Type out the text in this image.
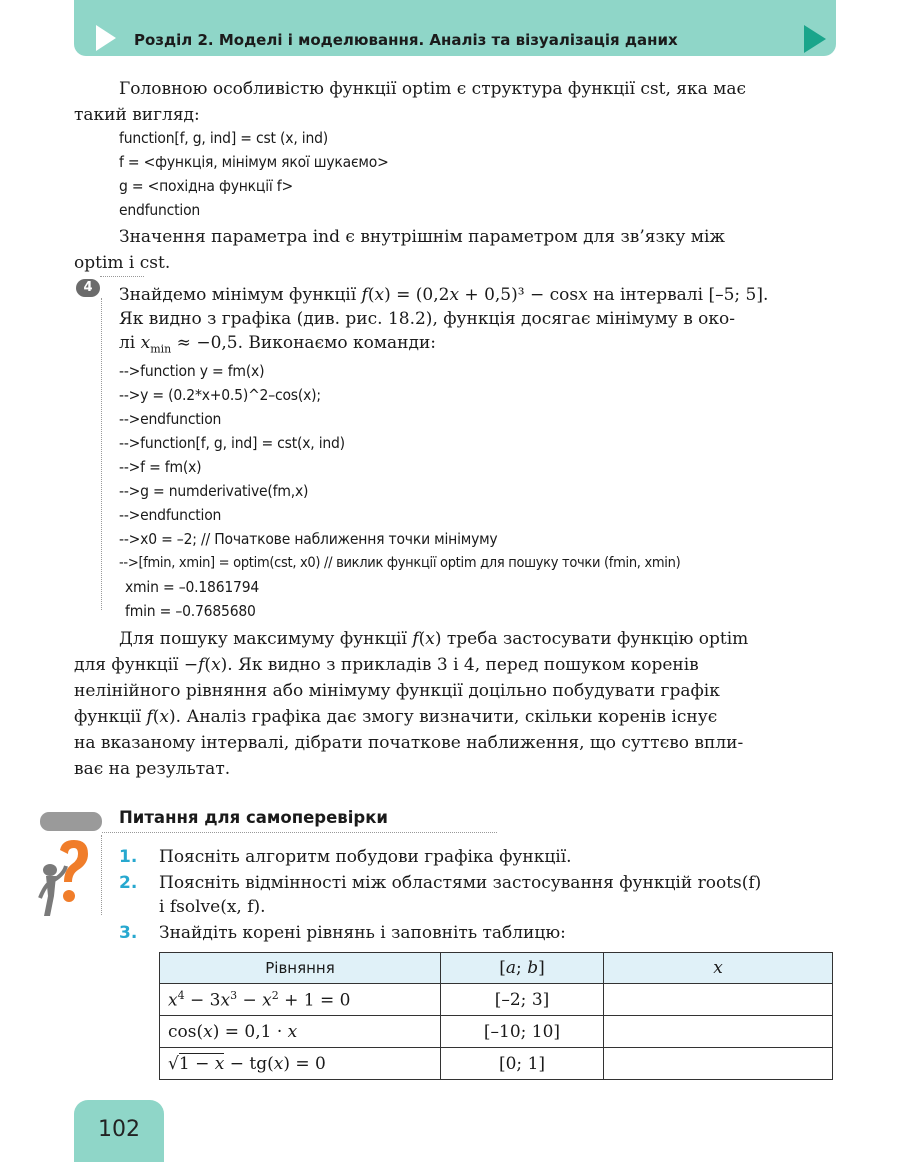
Розділ 2. Моделі і моделювання. Аналіз та візуалізація даних
Головною особливістю функції optim є структура функції cst, яка має
такий вигляд:
function[f, g, ind] = cst (x, ind)
f = <функція, мінімум якої шукаємо>
g = <похідна функції f>
endfunction
Значення параметра ind є внутрішнім параметром для зв’язку між
optim і cst.
4	Знайдемо мінімум функції f(x) = (0,2x + 0,5)³ − cosx на інтервалі [–5; 5].
Як видно з графіка (див. рис. 18.2), функція досягає мінімуму в око-
лі $x_{min} \approx -0,5$. Виконаємо команди:
-->function y = fm(x)
-->y = (0.2*x+0.5)^2–cos(x);
-->endfunction
-->function[f, g, ind] = cst(x, ind)
-->f = fm(x)
-->g = numderivative(fm,x)
-->endfunction
-->x0 = –2; // Початкове наближення точки мінімуму
-->[fmin, xmin] = optim(cst, x0) // виклик функції optim для пошуку точки (fmin, xmin)
xmin = –0.1861794
fmin = –0.7685680
Для пошуку максимуму функції f(x) треба застосувати функцію optim
для функції −f(x). Як видно з прикладів 3 і 4, перед пошуком коренів
нелінійного рівняння або мінімуму функції доцільно побудувати графік
функції f(x). Аналіз графіка дає змогу визначити, скільки коренів існує
на вказаному інтервалі, дібрати початкове наближення, що суттєво впли-
ває на результат.
Питання для самоперевірки
1. Поясніть алгоритм побудови графіка функції.
2. Поясніть відмінності між областями застосування функцій roots(f)
і fsolve(x, f).
3. Знайдіть корені рівнянь і заповніть таблицю:
Рівняння	[a; b]	x
$x^4 - 3x^3 - x^2 + 1 = 0$	[–2; 3]	
cos(x) = 0,1 · x	[–10; 10]	
√1 − x − tg(x) = 0	[0; 1]	
102
